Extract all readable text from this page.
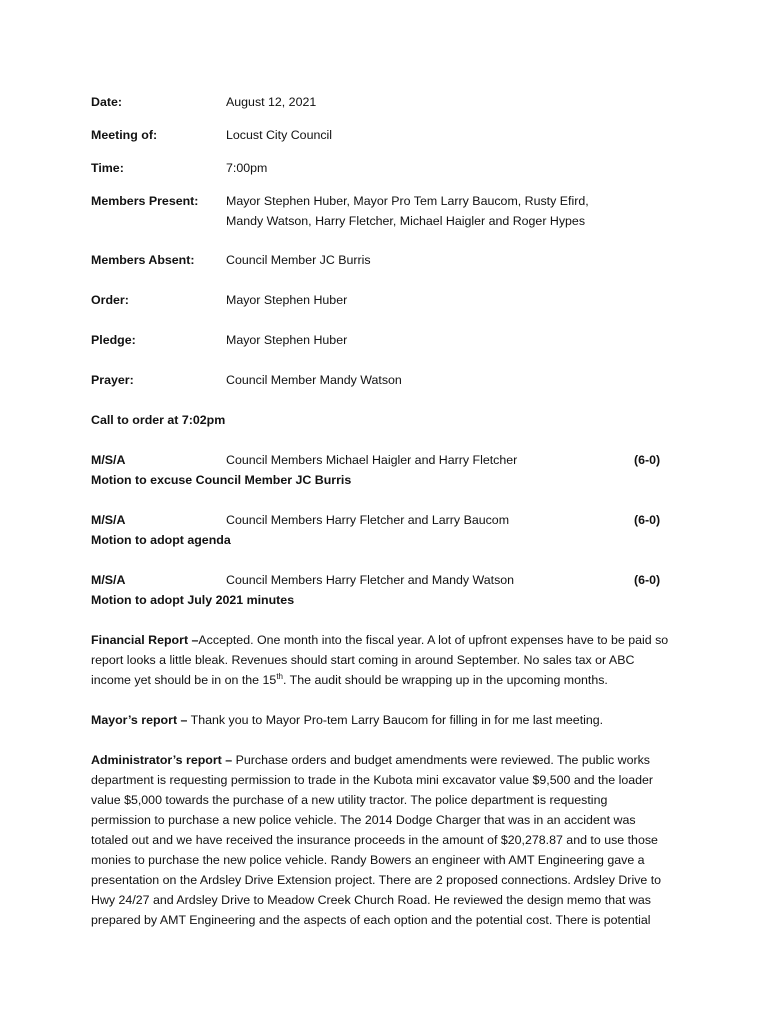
Date:	August 12, 2021
Meeting of:	Locust City Council
Time:	7:00pm
Members Present: Mayor Stephen Huber, Mayor Pro Tem Larry Baucom, Rusty Efird,
Mandy Watson, Harry Fletcher, Michael Haigler and Roger Hypes
Members Absent:	Council Member JC Burris
Order:	Mayor Stephen Huber
Pledge:	Mayor Stephen Huber
Prayer:	Council Member Mandy Watson
Call to order at 7:02pm
M/S/A	Council Members Michael Haigler and Harry Fletcher	(6-0)
Motion to excuse Council Member JC Burris
M/S/A	Council Members Harry Fletcher and Larry Baucom	(6-0)
Motion to adopt agenda
M/S/A	Council Members Harry Fletcher and Mandy Watson	(6-0)
Motion to adopt July 2021 minutes
Financial Report –Accepted. One month into the fiscal year. A lot of upfront expenses have to be paid so
report looks a little bleak. Revenues should start coming in around September. No sales tax or ABC
income yet should be in on the 15th. The audit should be wrapping up in the upcoming months.
Mayor’s report – Thank you to Mayor Pro-tem Larry Baucom for filling in for me last meeting.
Administrator’s report – Purchase orders and budget amendments were reviewed. The public works
department is requesting permission to trade in the Kubota mini excavator value $9,500 and the loader
value $5,000 towards the purchase of a new utility tractor. The police department is requesting
permission to purchase a new police vehicle. The 2014 Dodge Charger that was in an accident was
totaled out and we have received the insurance proceeds in the amount of $20,278.87 and to use those
monies to purchase the new police vehicle. Randy Bowers an engineer with AMT Engineering gave a
presentation on the Ardsley Drive Extension project. There are 2 proposed connections. Ardsley Drive to
Hwy 24/27 and Ardsley Drive to Meadow Creek Church Road. He reviewed the design memo that was
prepared by AMT Engineering and the aspects of each option and the potential cost. There is potential
